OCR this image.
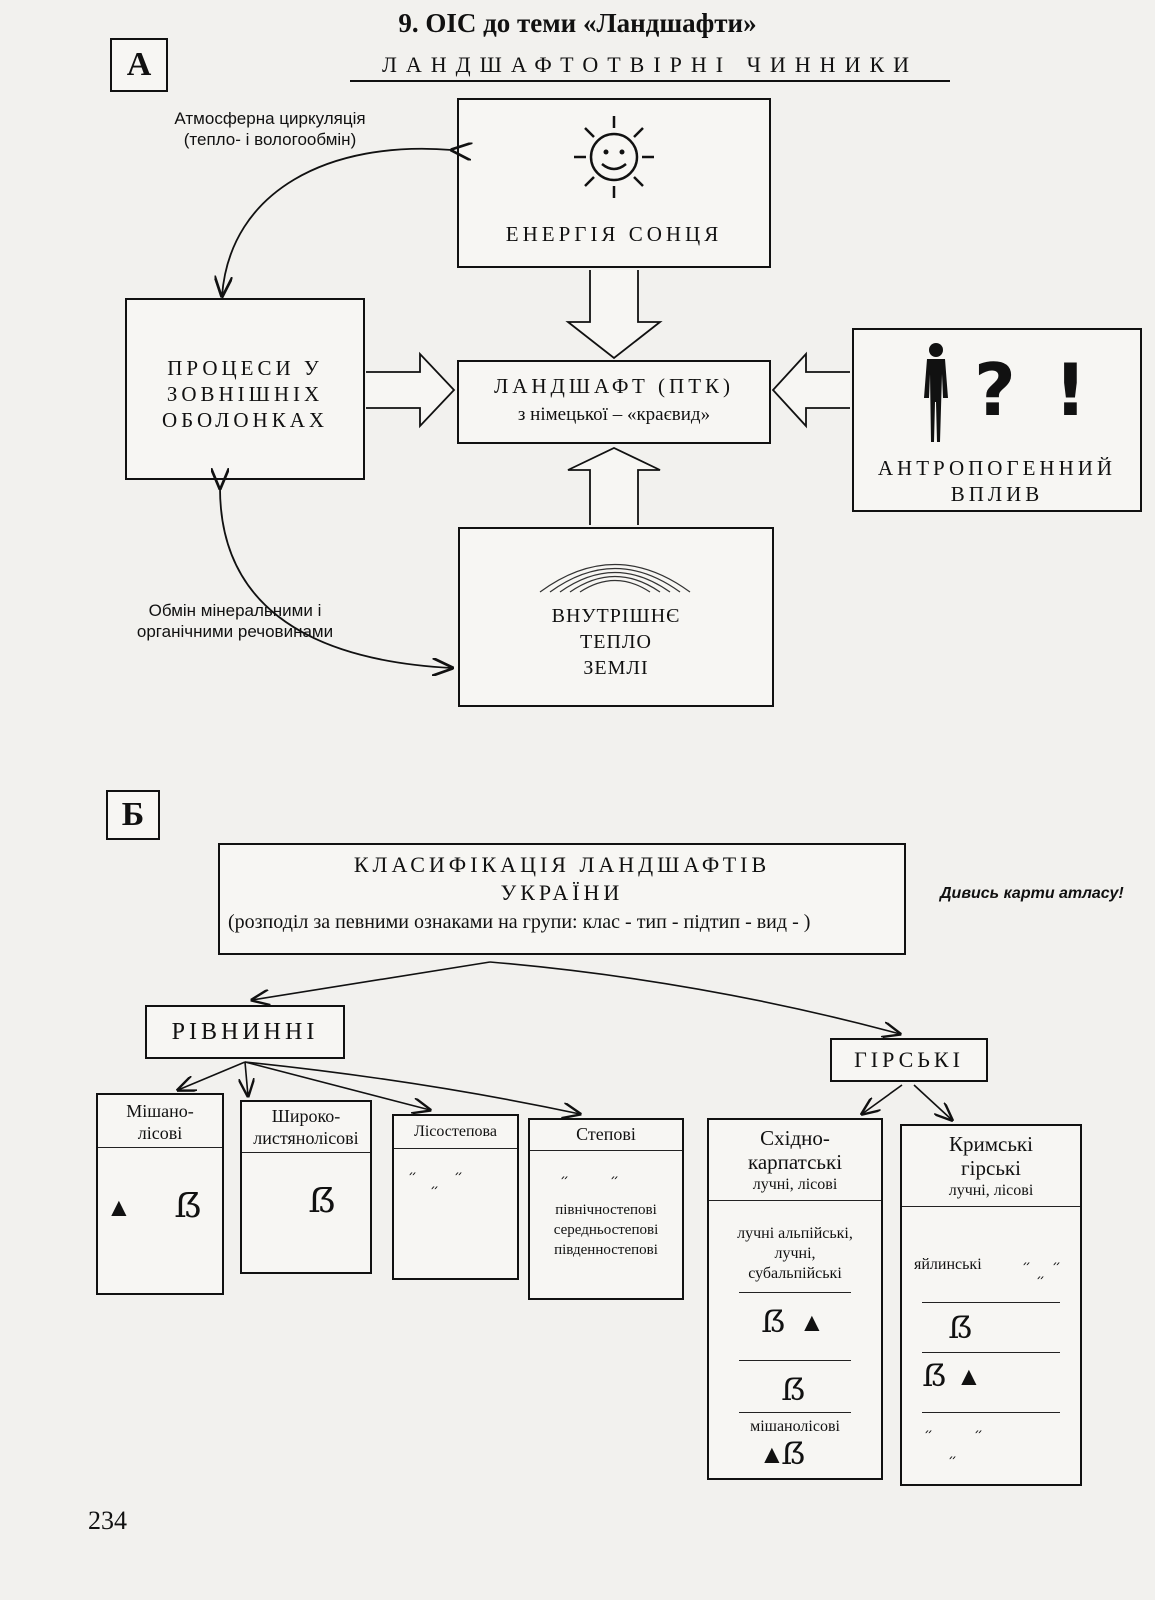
9. ОІС до теми «Ландшафти»
А	ЛАНДШАФТОТВІРНІ ЧИННИКИ
Атмосферна циркуляція
(тепло- і вологообмін)
ЕНЕРГІЯ СОНЦЯ
ПРОЦЕСИ У
ЗОВНІШНІХ
ОБОЛОНКАХ
ЛАНДШАФТ (ПТК)
з німецької – «краєвид»	? !
АНТРОПОГЕННИЙ
ВПЛИВ
ВНУТРІШНЄ
ТЕПЛО
ЗЕМЛІ
Обмін мінеральними і
органічними речовинами
Б
КЛАСИФІКАЦІЯ ЛАНДШАФТІВ
УКРАЇНИ
(розподіл за певними ознаками на групи: клас - тип - підтип - вид - )
Дивись карти атласу!
РІВНИННІ
ГІРСЬКІ
Мішано-
лісові
▲ ẞ
Широко-
листянолісові
ẞ
Лісостепова
״	״
״
Степові
״	״
північностепові
середньостепові
південностепові
Східно-
карпатські
лучні, лісові
лучні альпійські,
лучні,
субальпійські
ẞ ▲
ẞ
мішанолісові
▲
ẞ
Кримські
гірські
лучні, лісові
яйлинські	״ ״
״
ẞ
ẞ ▲
״	״
״
234
